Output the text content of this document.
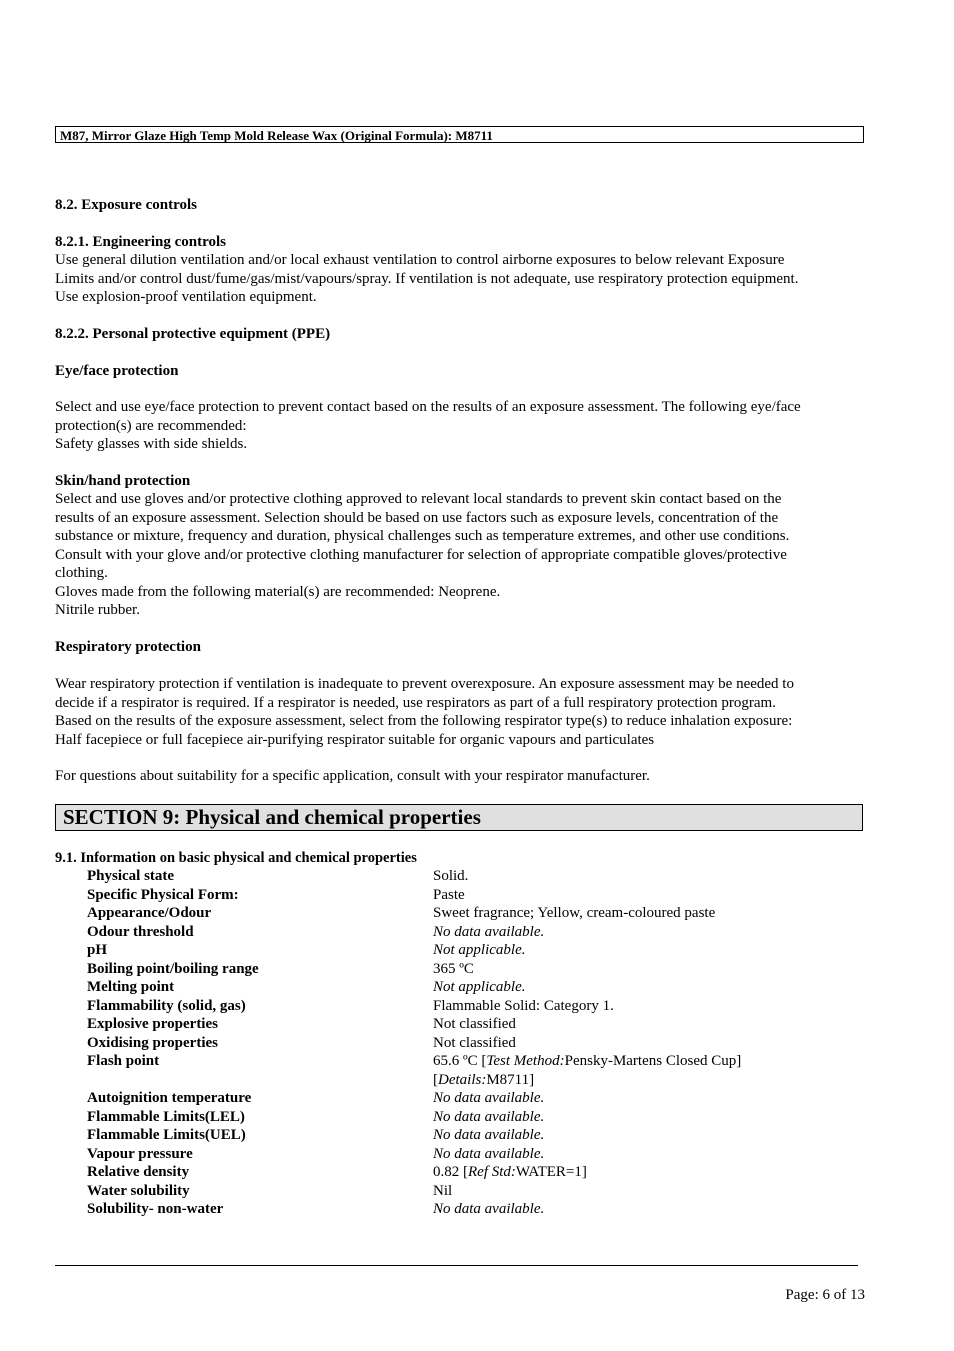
M87, Mirror Glaze High Temp Mold Release Wax (Original Formula): M8711
8.2. Exposure controls
8.2.1. Engineering controls
Use general dilution ventilation and/or local exhaust ventilation to control airborne exposures to below relevant Exposure
Limits and/or control dust/fume/gas/mist/vapours/spray. If ventilation is not adequate, use respiratory protection equipment.
Use explosion-proof ventilation equipment.
8.2.2. Personal protective equipment (PPE)
Eye/face protection
Select and use eye/face protection to prevent contact based on the results of an exposure assessment. The following eye/face
protection(s) are recommended:
Safety glasses with side shields.
Skin/hand protection
Select and use gloves and/or protective clothing approved to relevant local standards to prevent skin contact based on the
results of an exposure assessment. Selection should be based on use factors such as exposure levels, concentration of the
substance or mixture, frequency and duration, physical challenges such as temperature extremes, and other use conditions.
Consult with your glove and/or protective clothing manufacturer for selection of appropriate compatible gloves/protective
clothing.
Gloves made from the following material(s) are recommended: Neoprene.
Nitrile rubber.
Respiratory protection
Wear respiratory protection if ventilation is inadequate to prevent overexposure. An exposure assessment may be needed to
decide if a respirator is required. If a respirator is needed, use respirators as part of a full respiratory protection program.
Based on the results of the exposure assessment, select from the following respirator type(s) to reduce inhalation exposure:
Half facepiece or full facepiece air-purifying respirator suitable for organic vapours and particulates
For questions about suitability for a specific application, consult with your respirator manufacturer.
SECTION 9: Physical and chemical properties
9.1. Information on basic physical and chemical properties
Physical state	Solid.
Specific Physical Form:	Paste
Appearance/Odour	Sweet fragrance; Yellow, cream-coloured paste
Odour threshold	No data available.
pH	Not applicable.
Boiling point/boiling range	365 ºC
Melting point	Not applicable.
Flammability (solid, gas)	Flammable Solid: Category 1.
Explosive properties	Not classified
Oxidising properties	Not classified
Flash point	65.6 ºC [Test Method:Pensky-Martens Closed Cup]
[Details:M8711]
Autoignition temperature	No data available.
Flammable Limits(LEL)	No data available.
Flammable Limits(UEL)	No data available.
Vapour pressure	No data available.
Relative density	0.82 [Ref Std:WATER=1]
Water solubility	Nil
Solubility- non-water	No data available.
Page: 6 of 13
